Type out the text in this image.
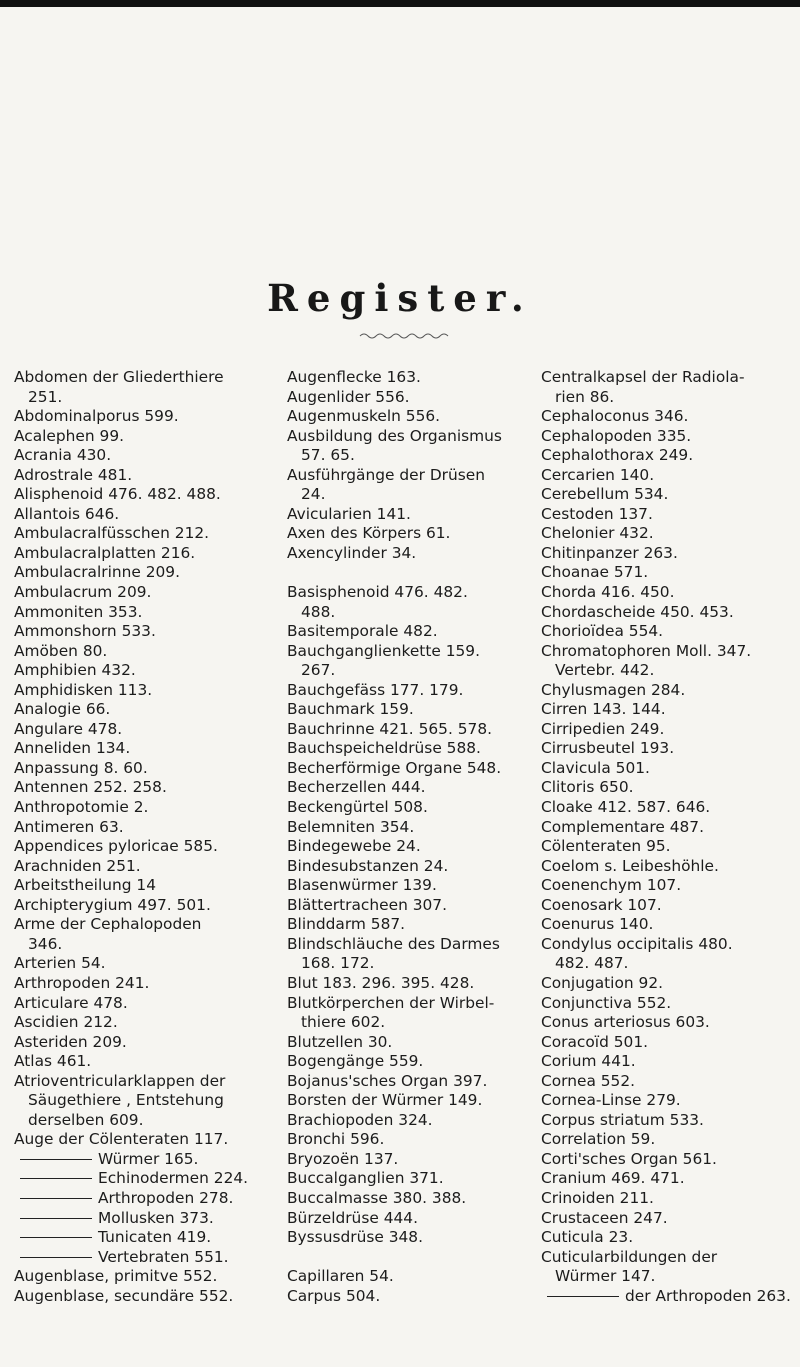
Register.
Abdomen der Gliederthiere
251.
Abdominalporus 599.
Acalephen 99.
Acrania 430.
Adrostrale 481.
Alisphenoid 476. 482. 488.
Allantois 646.
Ambulacralfüsschen 212.
Ambulacralplatten 216.
Ambulacralrinne 209.
Ambulacrum 209.
Ammoniten 353.
Ammonshorn 533.
Amöben 80.
Amphibien 432.
Amphidisken 113.
Analogie 66.
Angulare 478.
Anneliden 134.
Anpassung 8. 60.
Antennen 252. 258.
Anthropotomie 2.
Antimeren 63.
Appendices pyloricae 585.
Arachniden 251.
Arbeitstheilung 14
Archipterygium 497. 501.
Arme der Cephalopoden
346.
Arterien 54.
Arthropoden 241.
Articulare 478.
Ascidien 212.
Asteriden 209.
Atlas 461.
Atrioventricularklappen der
Säugethiere , Entstehung
derselben 609.
Auge der Cölenteraten 117.
Würmer 165.
Echinodermen 224.
Arthropoden 278.
Mollusken 373.
Tunicaten 419.
Vertebraten 551.
Augenblase, primitve 552.
Augenblase, secundäre 552.
Augenflecke 163.
Augenlider 556.
Augenmuskeln 556.
Ausbildung des Organismus
57. 65.
Ausführgänge der Drüsen
24.
Avicularien 141.
Axen des Körpers 61.
Axencylinder 34.
Basisphenoid 476. 482.
488.
Basitemporale 482.
Bauchganglienkette 159.
267.
Bauchgefäss 177. 179.
Bauchmark 159.
Bauchrinne 421. 565. 578.
Bauchspeicheldrüse 588.
Becherförmige Organe 548.
Becherzellen 444.
Beckengürtel 508.
Belemniten 354.
Bindegewebe 24.
Bindesubstanzen 24.
Blasenwürmer 139.
Blättertracheen 307.
Blinddarm 587.
Blindschläuche des Darmes
168. 172.
Blut 183. 296. 395. 428.
Blutkörperchen der Wirbel-
thiere 602.
Blutzellen 30.
Bogengänge 559.
Bojanus'sches Organ 397.
Borsten der Würmer 149.
Brachiopoden 324.
Bronchi 596.
Bryozoën 137.
Buccalganglien 371.
Buccalmasse 380. 388.
Bürzeldrüse 444.
Byssusdrüse 348.
Capillaren 54.
Carpus 504.
Centralkapsel der Radiola-
rien 86.
Cephaloconus 346.
Cephalopoden 335.
Cephalothorax 249.
Cercarien 140.
Cerebellum 534.
Cestoden 137.
Chelonier 432.
Chitinpanzer 263.
Choanae 571.
Chorda 416. 450.
Chordascheide 450. 453.
Chorioïdea 554.
Chromatophoren Moll. 347.
Vertebr. 442.
Chylusmagen 284.
Cirren 143. 144.
Cirripedien 249.
Cirrusbeutel 193.
Clavicula 501.
Clitoris 650.
Cloake 412. 587. 646.
Complementare 487.
Cölenteraten 95.
Coelom s. Leibeshöhle.
Coenenchym 107.
Coenosark 107.
Coenurus 140.
Condylus occipitalis 480.
482. 487.
Conjugation 92.
Conjunctiva 552.
Conus arteriosus 603.
Coracoïd 501.
Corium 441.
Cornea 552.
Cornea-Linse 279.
Corpus striatum 533.
Correlation 59.
Corti'sches Organ 561.
Cranium 469. 471.
Crinoiden 211.
Crustaceen 247.
Cuticula 23.
Cuticularbildungen der
Würmer 147.
der Arthropoden 263.
